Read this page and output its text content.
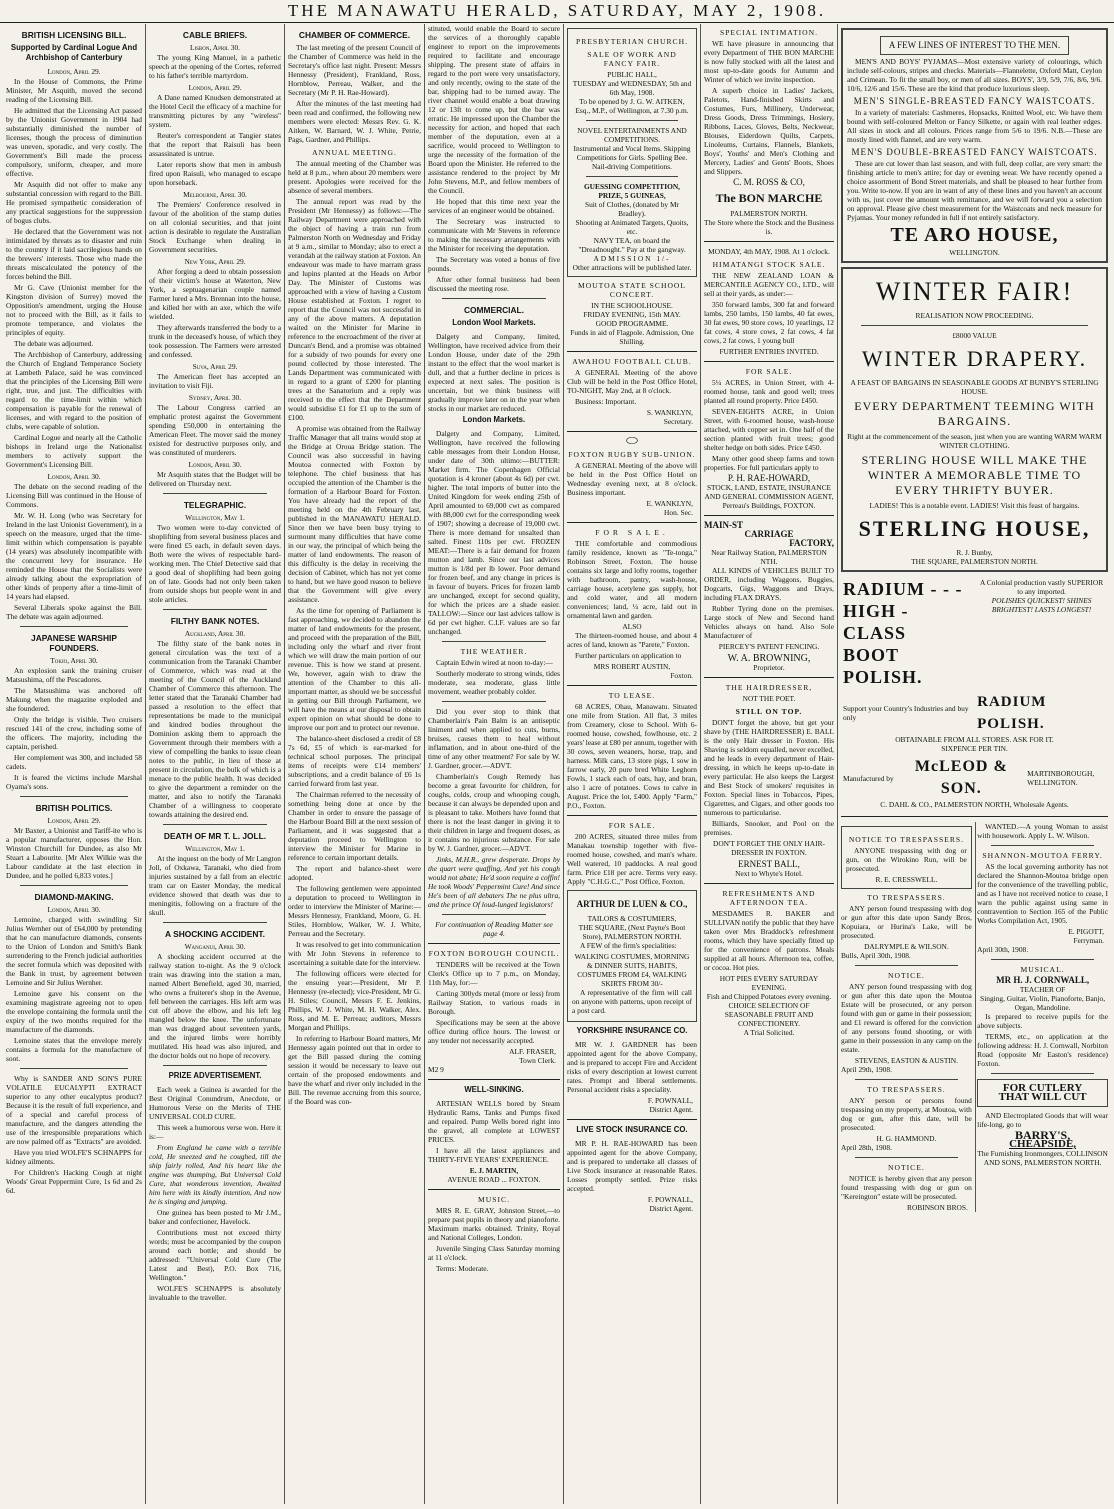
THE MANAWATU HERALD, SATURDAY, MAY 2, 1908.
BRITISH LICENSING BILL.
Supported by Cardinal Logue And Archbishop of Canterbury
London, April 29.

In the House of Commons, the Prime Minister, Mr Asquith, moved the second reading of the Licensing Bill.

He admitted that the Licensing Act passed by the Unionist Government in 1904 had substantially diminished the number of licenses, though the process of diminution was uneven, sporadic, and very costly. The Government's Bill made the process compulsory, uniform, cheaper, and more effective.

Mr Asquith did not offer to make any substantial concession with regard to the Bill. He promised sympathetic consideration of any practical suggestions for the suppression of bogus clubs.

He declared that the Government was not intimidated by threats as to disaster and ruin to the country if it laid sacrilegious hands on the brewers' interests. Those who made the threats miscalculated the potency of the forces behind the Bill.

Mr G. Cave (Unionist member for the Kingston division of Surrey) moved the Opposition's amendment, urging the House not to proceed with the Bill, as it fails to promote temperance, and violates the principles of equity.

The debate was adjourned.

The Archbishop of Canterbury, addressing the Church of England Temperance Society at Lambeth Palace, said he was convinced that the principles of the Licensing Bill were right, true, and just. The difficulties with regard to the time-limit within which compensation is payable for the renewal of licenses, and with regard to the position of clubs, were capable of solution.

Cardinal Logue and nearly all the Catholic bishops in Ireland urge the Nationalist members to actively support the Government's Licensing Bill.

London, April 30.

The debate on the second reading of the Licensing Bill was continued in the House of Commons.

Mr. W. H. Long (who was Secretary for Ireland in the last Unionist Government), in a speech on the measure, urged that the time-limit within which compensation is payable (14 years) was absolutely incompatible with the concurrent levy for insurance. He reminded the House that the Socialists were already talking about the expropriation of other kinds of property after a time-limit of 14 years had elapsed.

Several Liberals spoke against the Bill. The debate was again adjourned.

JAPANESE WARSHIP FOUNDERS.
Tokio, April 30.

An explosion sank the training cruiser Matsushima, off the Pescadores.

The Matsushima was anchored off Makung when the magazine exploded and she foundered.

Only the bridge is visible. Two cruisers rescued 141 of the crew, including some of the officers. The majority, including the captain, perished.

Her complement was 300, and included 58 cadets.

It is feared the victims include Marshal Oyama's sons.

BRITISH POLITICS.
London, April 29.

Mr Baxter, a Unionist and Tariff-ite who is a popular manufacturer, opposes the Hon. Winston Churchill for Dundee, as also Mr Stuart a Labourite. [Mr Alex Wilkie was the Labour candidate at the last election in Dundee, and he polled 6,833 votes.]

DIAMOND-MAKING.
London, April 30.

Lemoine, charged with swindling Sir Julius Wernher out of £64,000 by pretending that he can manufacture diamonds, consents to the Union of London and Smith's Bank surrendering to the French judicial authorities the secret formula which was deposited with the Bank in trust, by agreement between Lemoine and Sir Julius Wernher.

Lemoine gave his consent on the examining magistrate agreeing not to open the envelope containing the formula until the expiry of the two months required for the manufacture of the diamonds.

Lemoine states that the envelope merely contains a formula for the manufacture of soot.

Why is SANDER AND SON'S PURE VOLATILE EUCALYPTI EXTRACT superior to any other eucalyptus product? Because it is the result of full experience, and of a special and careful process of manufacture, and the dangers attending the use of the irresponsible preparations which are now palmed off as "Extracts" are avoided.

Have you tried WOLFE'S SCHNAPPS for kidney ailments.

For Children's Hacking Cough at night Woods' Great Peppermint Cure, 1s 6d and 2s 6d.

CABLE BRIEFS.
Lisbon, April 30.

The young King Manuel, in a pathetic speech at the opening of the Cortes, referred to his father's terrible martyrdom.

London, April 29.

A Dane named Knudsen demonstrated at the Hotel Cecil the efficacy of a machine for transmitting pictures by any "wireless" system.

Reuter's correspondent at Tangier states that the report that Raisuli has been assassinated is untrue.

Later reports show that men in ambush fired upon Raisuli, who managed to escape upon horseback.

Melbourne, April 30.

The Premiers' Conference resolved in favour of the abolition of the stamp duties on all colonial securities, and that joint action is desirable to regulate the Australian Stock Exchange when dealing in Government securities.

New York, April 29.

After forging a deed to obtain possession of their victim's house at Waterton, New York, a septuagenarian couple named Farmer lured a Mrs. Brennan into the house, and killed her with an axe, which the wife wielded.

They afterwards transferred the body to a trunk in the deceased's house, of which they took possession. The Farmers were arrested and confessed.

Suva, April 29.

The American fleet has accepted an invitation to visit Fiji.

Sydney, April 30.

The Labour Congress carried an emphatic protest against the Government spending £50,000 in entertaining the American Fleet. The mover said the money existed for destructive purposes only, and was constituted of murderers.

London, April 30.

Mr Asquith states that the Budget will be delivered on Thursday next.

TELEGRAPHIC.
Wellington, May 1.

Two women were to-day convicted of shoplifting from several business places and were fined £5 each, in default seven days. Both were the wives of respectable hard-working men. The Chief Detective said that a good deal of shoplifting had been going on of late. Goods had not only been taken from outside shops but people went in and stole articles.

FILTHY BANK NOTES.
Auckland, April 30.

The filthy state of the bank notes in general circulation was the text of a communication from the Taranaki Chamber of Commerce, which was read at the meeting of the Council of the Auckland Chamber of Commerce this afternoon. The letter stated that the Taranaki Chamber had passed a resolution to the effect that representations be made to the municipal and kindred bodies throughout the Dominion asking them to approach the Government through their members with a view of compelling the banks to issue clean notes to the public, in lieu of those at present in circulation, the bulk of which is a menace to the public health. It was decided to give the department a reminder on the matter, and also to notify the Taranaki Chamber of a willingness to cooperate towards attaining the desired end.

DEATH OF MR T. L. JOLL.
Wellington, May 1.

At the inquest on the body of Mr Langton Joll, of Oxkawa, Taranaki, who died from injuries sustained by a fall from an electric tram car on Easter Monday, the medical evidence showed that death was due to meningitis, following on a fracture of the skull.

A SHOCKING ACCIDENT.
Wanganui, April 30.

A shocking accident occurred at the railway station to-night. As the 9 o'clock train was drawing into the station a man, named Albert Benefield, aged 30, married, who owns a fruiterer's shop in the Avenue, fell between the carriages. His left arm was cut off above the elbow, and his left leg mangled below the knee. The unfortunate man was dragged about seventeen yards, and the injured limbs were horribly mutilated. His head was also injured, and the doctor holds out no hope of recovery.

PRIZE ADVERTISEMENT.

Each week a Guinea is awarded for the Best Original Conundrum, Anecdote, or Humorous Verse on the Merits of THE UNIVERSAL COLD CURE.

This week a humorous verse won. Here it is:—

From England he came with a terrible cold, He sneezed and he coughed, till the ship fairly rolled, And his heart like the engine was thumping, But Universal Cold Cure, that wonderous invention, Awaited him here with its kindly intention, And now he is singing and jumping.

One guinea has been posted to Mr J.M., baker and confectioner, Havelock.

Contributions must not exceed thirty words; must be accompanied by the coupon around each bottle; and should be addressed: "Universal Cold Cure (The Latest and Best), P.O. Box 716, Wellington."

WOLFE'S SCHNAPPS is absolutely invaluable to the traveller.

CHAMBER OF COMMERCE.

The last meeting of the present Council of the Chamber of Commerce was held in the Secretary's office last night. Present: Messrs Hennessy (President), Frankland, Ross, Hornblow, Perreau, Walker, and the Secretary (Mr P. H. Rae-Howard).

After the minutes of the last meeting had been read and confirmed, the following new members were elected: Messrs Rev. G. K. Aitken, W. Barnard, W. J. White, Petrie, Pags, Gardner, and Phillips.

ANNUAL MEETING.

The annual meeting of the Chamber was held at 8 p.m., when about 20 members were present. Apologies were received for the absence of several members.

The annual report was read by the President (Mr Hennessy) as follows:—The Railway Department were approached with the object of having a train run from Palmerston North on Wednesday and Friday at 9 a.m., similar to Monday; also to erect a verandah at the railway station at Foxton. An endeavour was made to have marram grass and lupins planted at the Heads on Arbor Day. The Minister of Customs was approached with a view of having a Custom House established at Foxton. I regret to report that the Council was not successful in any of the above matters. A deputation waited on the Minister for Marine in reference to the encroachment of the river at Duncan's Bend, and a promise was obtained for a subsidy of two pounds for every one pound collected by those interested. The Lands Department was communicated with in regard to a grant of £200 for planting trees at the Sanatorium and a reply was received to the effect that the Department would subsidise £1 for £1 up to the sum of £100.

A promise was obtained from the Railway Traffic Manager that all trains would stop at the Bridge at Oroua Bridge station. The Council was also successful in having Moutoa connected with Foxton by telephone. The chief business that has occupied the attention of the Chamber is the formation of a Harbour Board for Foxton. You have already had the report of the meeting held on the 4th February last, published in the MANAWATU HERALD. Since then we have been busy trying to surmount many difficulties that have come in our way, the principal of which being the matter of land endowments. The reason of this difficulty is the delay in receiving the decision of Cabinet, which has not yet come to hand, but we have good reason to believe that the Government will give every assistance.

As the time for opening of Parliament is fast approaching, we decided to abandon the matter of land endowments for the present, and proceed with the preparation of the Bill, including only the wharf and river front which we will draw the main portion of our revenue. This is how we stand at present. We, however, again wish to draw the attention of the Chamber to this all-important matter, as should we be successful in getting our Bill through Parliament, we will have the means at our disposal to obtain expert opinion on what should be done to improve our port and to protect our revenue.

The balance-sheet disclosed a credit of £8 7s 6d, £5 of which is ear-marked for technical school purposes. The principal items of receipts were £14 members' subscriptions, and a credit balance of £6 1s carried forward from last year.

The Chairman referred to the necessity of something being done at once by the Chamber in order to ensure the passage of the Harbour Board Bill at the next session of Parliament, and it was suggested that a deputation proceed to Wellington to interview the Minister for Marine in reference to certain important details.

The report and balance-sheet were adopted.

The following gentlemen were appointed a deputation to proceed to Wellington in order to interview the Minister of Marine:—Messrs Hennessy, Frankland, Moore, G. H. Stiles, Hornblow, Walker, W. J. White, Perreau and the Secretary.

It was resolved to get into communication with Mr John Stevens in reference to ascertaining a suitable date for the interview.

The following officers were elected for the ensuing year:—President, Mr P. Hennessy (re-elected); vice-President, Mr G. H. Stiles; Council, Messrs F. E. Jenkins, Phillips, W. J. White, M. H. Walker, Alex. Ross, and M. E. Perreau; auditors, Messrs Morgan and Phillips.

In referring to Harbour Board matters, Mr Hennessy again pointed out that in order to get the Bill passed during the coming session it would be necessary to leave out certain of the proposed endowments and have the wharf and river only included in the Bill. The revenue accruing from this source, if the Board was con-

stituted, would enable the Board to secure the services of a thoroughly capable engineer to report on the improvements required to facilitate and encourage shipping. The present state of affairs in regard to the port were very unsatisfactory, and only recently, owing to the state of the bar, shipping had to be turned away. The river channel would enable a boat drawing 12 or 13ft to come up, but the bar was erratic. He impressed upon the Chamber the necessity for action, and hoped that each member of the deputation, even at a sacrifice, would proceed to Wellington to urge the necessity of the formation of the Board upon the Minister. He referred to the assistance rendered to the project by Mr John Stevens, M.P., and fellow members of the Council.

He hoped that this time next year the services of an engineer would be obtained.

The Secretary was instructed to communicate with Mr Stevens in reference to making the necessary arrangements with the Minister for receiving the deputation.

The Secretary was voted a bonus of five pounds.

After other formal business had been discussed the meeting rose.

COMMERCIAL.
London Wool Markets.

Dalgety and Company, limited, Wellington, have received advice from their London House, under date of the 29th instant to the effect that the wool market is dull, and that a further decline in prices is expected at next sales. The position is uncertain, but we think business will gradually improve later on in the year when stocks in our market are reduced.

London Markets.

Dalgety and Company, Limited, Wellington, have received the following cable messages from their London House, under date of 30th ultimo:—BUTTER: Market firm. The Copenhagen Official quotation is 4 kroner (about 4s 6d) per cwt. higher. The total imports of butter into the United Kingdom for week ending 25th of April amounted to 69,000 cwt as compared with 88,000 cwt for the corresponding week of 1907; showing a decrease of 19,000 cwt. There is more demand for unsalted than salted. Finest 110s per cwt. FROZEN MEAT:—There is a fair demand for frozen mutton and lamb. Since our last advices mutton is 1/8d per lb lower. Poor demand for frozen beef, and any change in prices is in favour of buyers. Prices for frozen lamb are unchanged, except for second quality, for which the prices are a shade easier. TALLOW:—Since our last advices tallow is 6d per cwt higher. C.I.F. values are so far unchanged.

THE WEATHER.

Captain Edwin wired at noon to-day:—

Southerly moderate to strong winds, tides moderate, sea moderate, glass little movement, weather probably colder.

Did you ever stop to think that Chamberlain's Pain Balm is an antiseptic liniment and when applied to cuts, burns, bruises, causes them to heal without inflamation, and in about one-third of the time of any other treatment? For sale by W. J. Gardner, grocer.—ADVT.

Chamberlain's Cough Remedy has become a great favourite for children, for coughs, colds, croup and whooping cough, because it can always be depended upon and is pleasant to take. Mothers have found that there is not the least danger in giving it to their children in large and frequent doses, as it contains no injurious substance. For sale by W. J. Gardner, grocer.—ADVT.

Jinks, M.H.R., grew desperate. Drops by the quart were quaffing, And yet his cough would not abate; He'd soon require a coffin! He took Woods' Peppermint Cure! And since He's been of all debaters The ne plus ultra, and the prince Of loud-lunged legislators!

For continuation of Reading Matter see page 4.
FOXTON BOROUGH COUNCIL.

TENDERS will be received at the Town Clerk's Office up to 7 p.m., on Monday, 11th May, for:—

Carting 300yds metal (more or less) from Railway Station, to various roads in Borough.

Specifications may be seen at the above office during office hours. The lowest or any tender not necessarily accepted.

ALF. FRASER,
Town Clerk.
M2 9
WELL-SINKING.

ARTESIAN WELLS bored by Steam Hydraulic Rams, Tanks and Pumps fixed and repaired. Pump Wells bored right into the gravel, all complete at LOWEST PRICES.

I have all the latest appliances and THIRTY-FIVE YEARS' EXPERIENCE.

E. J. MARTIN,
AVENUE ROAD ... FOXTON.
MUSIC.

MRS R. E. GRAY, Johnston Street,—to prepare past pupils in theory and pianoforte. Maximum marks obtained. Trinity, Royal and National Colleges, London.

Juvenile Singing Class Saturday morning at 11 o'clock.

Terms: Moderate.

PRESBYTERIAN CHURCH.
SALE OF WORK AND FANCY FAIR.
PUBLIC HALL,
TUESDAY and WEDNESDAY, 5th and 6th May, 1908.
To be opened by J. G. W. AITKEN, Esq., M.P., of Wellington, at 7.30 p.m.
NOVEL ENTERTAINMENTS AND COMPETITIONS.
Instrumental and Vocal Items. Skipping Competitions for Girls. Spelling Bee. Nail-driving Competitions.
GUESSING COMPETITION, PRIZE, 5 GUINEAS,
Suit of Clothes, (donated by Mr Bradley).
Shooting at Animated Targets, Quoits, etc.
NAVY TEA, on board the "Dreadnought." Pay at the gangway.
ADMISSION 1/-
Other attractions will be published later.
MOUTOA STATE SCHOOL CONCERT.
IN THE SCHOOLHOUSE.
FRIDAY EVENING, 15th MAY.
GOOD PROGRAMME.
Funds in aid of Flagpole. Admission, One Shilling.
AWAHOU FOOTBALL CLUB.

A GENERAL Meeting of the above Club will be held in the Post Office Hotel, TO-NIGHT, May 2nd, at 8 o'clock.

Business: Important.

S. WANKLYN,
Secretary.
⬭
FOXTON RUGBY SUB-UNION.

A GENERAL Meeting of the above will be held in the Post Office Hotel on Wednesday evening next, at 8 o'clock. Business important.

E. WANKLYN,
Hon. Sec.
FOR SALE.

THE comfortable and commodious family residence, known as "Te-tonga," Robinson Street, Foxton. The house contains six large and lofty rooms, together with bathroom, pantry, wash-house, carriage house, acetylene gas supply, hot and cold water, and all modern conveniences; land, ¼ acre, laid out in ornamental lawn and garden.

ALSO

The thirteen-roomed house, and about 4 acres of land, known as "Parete," Foxton.

Further particulars on application to

MRS ROBERT AUSTIN,
Foxton.
TO LEASE.

68 ACRES, Ohau, Manawatu. Situated one mile from Station. All flat, 3 miles from Creamery, close to School. With 6-roomed house, cowshed, fowlhouse, etc. 2 years' lease at £80 per annum, together with 30 cows, seven weaners, horse, trap, and harness. Milk cans, 13 store pigs, 1 sow in farrow early, 20 pure bred White Leghorn Fowls, 1 stack each of oats, hay, and bran, also 1 acre of potatoes. Cows to calve in August. Price the lot, £400. Apply "Farm," P.O., Foxton.

FOR SALE.

200 ACRES, situated three miles from Manakau township together with five-roomed house, cowshed, and man's whare. Well watered, 10 paddocks. A real good farm. Price £18 per acre. Terms very easy. Apply "C.H.G.C.," Post Office, Foxton.

ARTHUR DE LUEN & CO.,
TAILORS & COSTUMIERS,
THE SQUARE, (Next Payne's Boot Store), PALMERSTON NORTH.

A FEW of the firm's specialities:

WALKING COSTUMES, MORNING & DINNER SUITS, HABITS, COSTUMES FROM £4, WALKING SKIRTS FROM 30/-

A representative of the firm will call on anyone with patterns, upon receipt of a post card.

YORKSHIRE INSURANCE CO.

MR W. J. GARDNER has been appointed agent for the above Company, and is prepared to accept Fire and Accident risks of every description at lowest current rates. Prompt and liberal settlements. Personal accident risks a speciality.

F. POWNALL,
District Agent.
LIVE STOCK INSURANCE CO.

MR P. H. RAE-HOWARD has been appointed agent for the above Company, and is prepared to undertake all classes of Live Stock insurance at reasonable Rates. Losses promptly settled. Prize risks accepted.

F. POWNALL,
District Agent.
SPECIAL INTIMATION.

WE have pleasure in announcing that every Department of THE BON MARCHE is now fully stocked with all the latest and most up-to-date goods for Autumn and Winter of which we invite inspection.

A superb choice in Ladies' Jackets, Paletots, Hand-finished Skirts and Costumes, Furs, Millinery, Underwear, Dress Goods, Dress Trimmings, Hosiery, Ribbons, Laces, Gloves, Belts, Neckwear, Blouses, Eiderdown Quilts, Carpets, Linoleums, Curtains, Flannels, Blankets, Boys', Youths' and Men's Clothing and Mercery, Ladies' and Gents' Boots, Shoes and Slippers.

C. M. ROSS & CO,
The BON MARCHE
PALMERSTON NORTH.
The Store where the Stock and the Business is.
MONDAY, 4th MAY, 1908. At 1 o'clock.
HIMATANGI STOCK SALE.

THE NEW ZEALAND LOAN & MERCANTILE AGENCY CO., LTD., will sell at their yards, as under:—

350 forward lambs, 300 fat and forward lambs, 250 lambs, 150 lambs, 40 fat ewes, 30 fat ewes, 90 store cows, 10 yearlings, 12 fat cows, 4 store cows, 2 fat cows, 4 fat cows, 2 fat cows, 1 young bull

FURTHER ENTRIES INVITED.
FOR SALE.

5¼ ACRES, in Union Street, with 4-roomed house, tank and good well; trees planted all round property. Price £450.

SEVEN-EIGHTS ACRE, in Union Street, with 6-roomed house, wash-house attached, with copper set in. One half of the section planted with fruit trees; good shelter hedge on both sides. Price £450.

Many other good sheep farms and town properties. For full particulars apply to

P. H. RAE-HOWARD,
STOCK, LAND, ESTATE, INSURANCE AND GENERAL COMMISSION AGENT,
Perreau's Buildings, FOXTON.
MAIN-ST
CARRIAGE
FACTORY,
Near Railway Station, PALMERSTON NTH.

ALL KINDS of VEHICLES BUILT TO ORDER, including Waggons, Buggies, Dogcarts, Gigs, Waggons and Drays, including FLAX DRAYS.

Rubber Tyring done on the premises. Large stock of New and Second hand Vehicles always on hand. Also Sole Manufacturer of

PIERCEY'S PATENT FENCING.
W. A. BROWNING,
Proprietor.
THE HAIRDRESSER,
NOT THE POET.
STILL ON TOP.

DON'T forget the above, but get your shave by (THE HAIRDRESSER) E. BALL is the only Hair dresser in Foxton. His Shaving is seldom equalled, never excelled, and he leads in every department of Hair-dressing, in which he keeps up-to-date in every particular. He also keeps the Largest and Best Stock of smokers' requisites in Foxton. Special lines in Tobaccos, Pipes, Cigarettes, and Cigars, and other goods too numerous to particularise.

Billiards, Snooker, and Pool on the premises.

DON'T FORGET THE ONLY HAIR-DRESSER IN FOXTON.
ERNEST BALL,
Next to Whyte's Hotel.
REFRESHMENTS AND AFTERNOON TEA.

MESDAMES R. BAKER and SULLIVAN notify the public that they have taken over Mrs Braddock's refreshment rooms, which they have specially fitted up for the convenience of patrons. Meals supplied at all hours. Afternoon tea, coffee, or cocoa. Hot pies.

HOT PIES EVERY SATURDAY EVENING.
Fish and Chipped Potatoes every evening.
CHOICE SELECTION OF SEASONABLE FRUIT AND CONFECTIONERY.
A Trial Solicited.
A FEW LINES OF INTEREST TO THE MEN.

MEN'S AND BOYS' PYJAMAS—Most extensive variety of colourings, which include self-colours, stripes and checks. Materials—Flannelette, Oxford Matt, Ceylon and Crimean. To fit the small boy, or men of all sizes. BOYS', 3/9, 5/9, 7/6, 8/6, 9/6. 10/6, 12/6 and 15/6. These are the kind that produce luxurious sleep.

MEN'S SINGLE-BREASTED FANCY WAISTCOATS.

In a variety of materials: Cashmeres, Hopsacks, Knitted Wool, etc. We have them bound with self-coloured Melton or Fancy Silkette, or again with real leather edges. All sizes in stock and all colours. Prices range from 5/6 to 19/6. N.B.—These are mostly lined with flannel, and are very warm.

MEN'S DOUBLE-BREASTED FANCY WAISTCOATS.

These are cut lower than last season, and with full, deep collar, are very smart: the finishing article to men's attire; for day or evening wear. We have recently opened a choice assortment of Bond Street materials, and shall be pleased to hear further from you. Write to-now. If you are in want of any of these lines and you haven't an account with us, just cover the amount with remittance, and we will forward you a selection on approval. Please give chest measurement for the Waistcoats and neck measure for Pyjamas. Your money refunded in full if not entirely satisfactory.

TE ARO HOUSE,
WELLINGTON.
WINTER FAIR!
REALISATION NOW PROCEEDING.
£8000 VALUE
WINTER DRAPERY.
A FEAST OF BARGAINS IN SEASONABLE GOODS AT BUNBY'S STERLING HOUSE.
EVERY DEPARTMENT TEEMING WITH BARGAINS.
Right at the commencement of the season, just when you are wanting WARM WARM WINTER CLOTHING.
STERLING HOUSE WILL MAKE THE WINTER A MEMORABLE TIME TO EVERY THRIFTY BUYER.
LADIES! This is a notable event. LADIES! Visit this feast of bargains.
STERLING HOUSE,
R. J. Bunby,
THE SQUARE, PALMERSTON NORTH.
RADIUM - - -
HIGH - CLASS
BOOT POLISH.
A Colonial production vastly SUPERIOR to any imported.
POLISHES QUICKEST! SHINES BRIGHTEST! LASTS LONGEST!
Support your Country's Industries and buy only
RADIUM POLISH.
OBTAINABLE FROM ALL STORES. ASK FOR IT.
SIXPENCE PER TIN.
Manufactured by
McLEOD & SON.
MARTINBOROUGH, WELLINGTON.
C. DAHL & CO., PALMERSTON NORTH, Wholesale Agents.
NOTICE TO TRESPASSERS.

ANYONE trespassing with dog or gun, on the Wirokino Run, will be prosecuted.

R. E. CRESSWELL.
TO TRESPASSERS.

ANY person found trespassing with dog or gun after this date upon Sandy Bros, Kopuiara, or Hurina's Lake, will be prosecuted.

DALRYMPLE & WILSON.
Bulls, April 30th, 1908.
NOTICE.

ANY person found trespassing with dog or gun after this date upon the Moutoa Estate will be prosecuted, or any person found with gun or game in their possession; and £1 reward is offered for the conviction of any persons found shooting, or with game in their possession in any camp on the estate.

STEVENS, EASTON & AUSTIN.
April 29th, 1908.
TO TRESPASSERS.

ANY person or persons found trespassing on my property, at Moutoa, with dog or gun, after this date, will be prosecuted.

H. G. HAMMOND.
April 28th, 1908.
NOTICE.

NOTICE is hereby given that any person found trespassing with dog or gun on "Kereington" estate will be prosecuted.

ROBINSON BROS.

WANTED.—A young Woman to assist with housework. Apply L. W. Wilson.

SHANNON-MOUTOA FERRY.

AS the local governing authority has not declared the Shannon-Moutoa bridge open for the convenience of the travelling public, and as I have not received notice to cease, I warn the public against using same in contravention to Section 165 of the Public Works Compilation Act, 1905.

E. PIGOTT,
Ferryman.
April 30th, 1908.
MUSICAL.
MR H. J. CORNWALL,
TEACHER OF
Singing, Guitar, Violin, Pianoforte, Banjo, Organ, Mandoline.

Is prepared to receive pupils for the above subjects.

TERMS, etc., on application at the following address: H. J. Cornwall, Norbiton Road (opposite Mr Easton's residence) Foxton.

FOR CUTLERY
THAT WILL CUT

AND Electroplated Goods that will wear life-long, go to

BARRY'S,
CHEAPSIDE,
The Furnishing Ironmongers, COLLINSON AND SONS, PALMERSTON NORTH.
